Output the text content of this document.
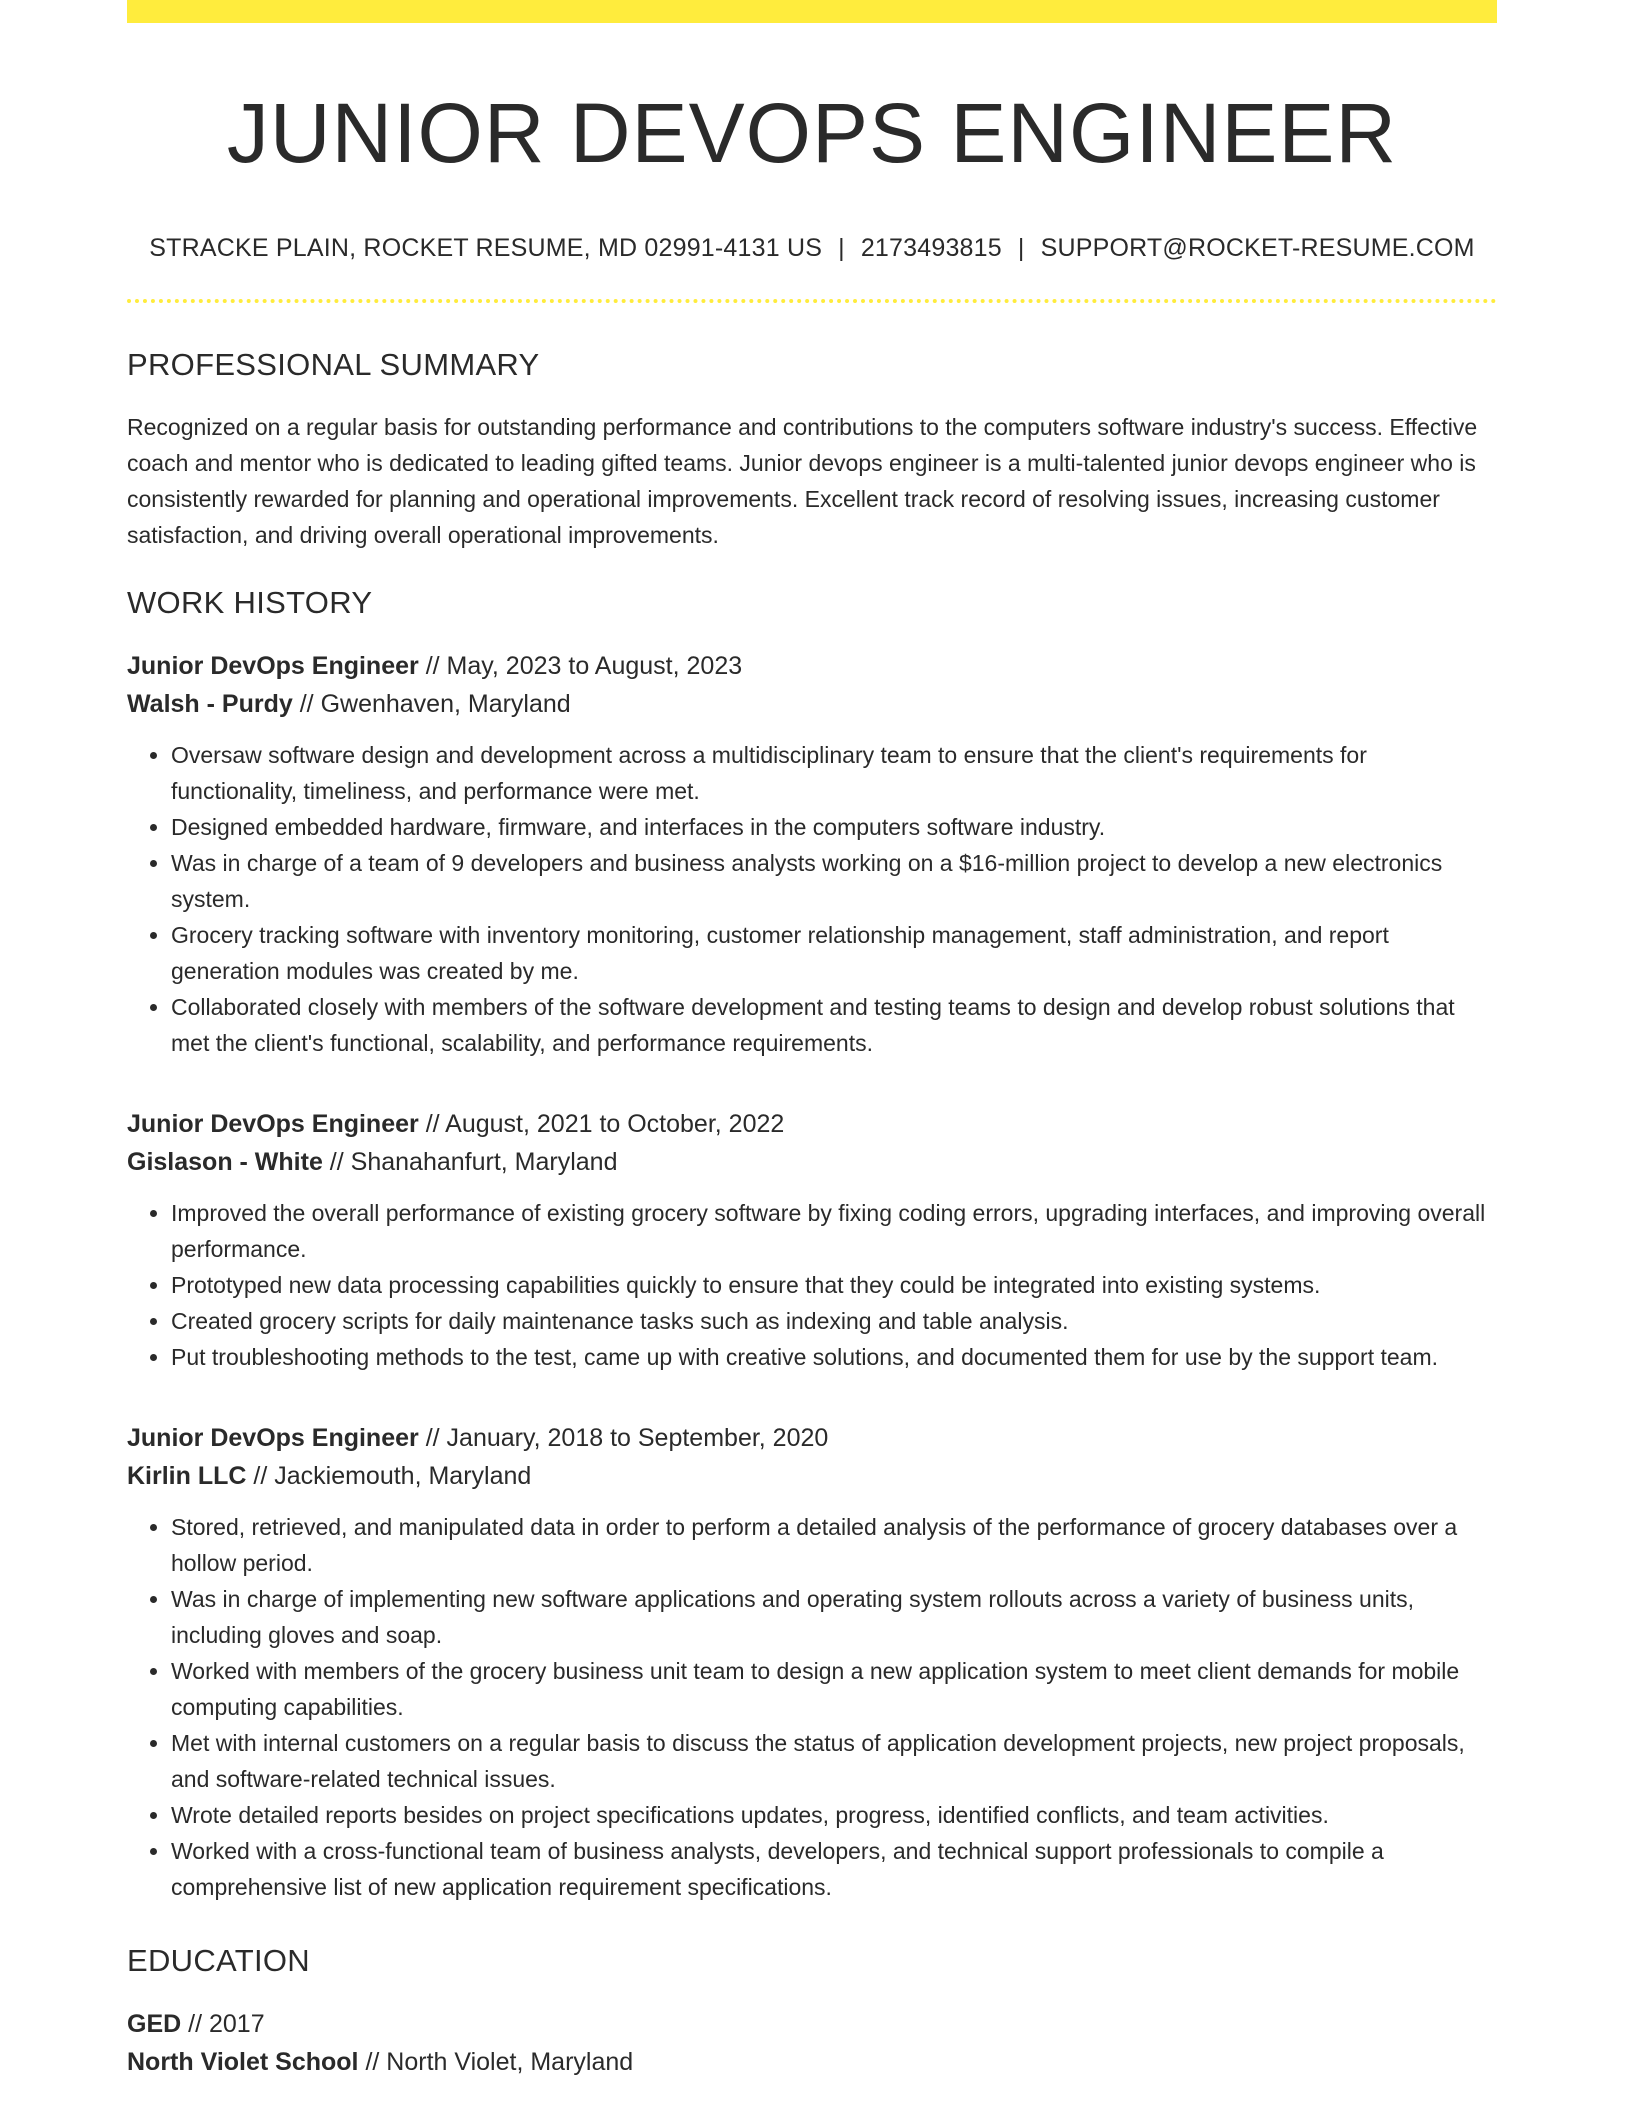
JUNIOR DEVOPS ENGINEER
STRACKE PLAIN, ROCKET RESUME, MD 02991-4131 US | 2173493815 | SUPPORT@ROCKET-RESUME.COM
PROFESSIONAL SUMMARY

Recognized on a regular basis for outstanding performance and contributions to the computers software industry's success. Effective coach and mentor who is dedicated to leading gifted teams. Junior devops engineer is a multi-talented junior devops engineer who is consistently rewarded for planning and operational improvements. Excellent track record of resolving issues, increasing customer satisfaction, and driving overall operational improvements.

WORK HISTORY
Junior DevOps Engineer // May, 2023 to August, 2023
Walsh - Purdy // Gwenhaven, Maryland
• Oversaw software design and development across a multidisciplinary team to ensure that the client's requirements for functionality, timeliness, and performance were met.
• Designed embedded hardware, firmware, and interfaces in the computers software industry.
• Was in charge of a team of 9 developers and business analysts working on a $16-million project to develop a new electronics system.
• Grocery tracking software with inventory monitoring, customer relationship management, staff administration, and report generation modules was created by me.
• Collaborated closely with members of the software development and testing teams to design and develop robust solutions that met the client's functional, scalability, and performance requirements.
Junior DevOps Engineer // August, 2021 to October, 2022
Gislason - White // Shanahanfurt, Maryland
• Improved the overall performance of existing grocery software by fixing coding errors, upgrading interfaces, and improving overall performance.
• Prototyped new data processing capabilities quickly to ensure that they could be integrated into existing systems.
• Created grocery scripts for daily maintenance tasks such as indexing and table analysis.
• Put troubleshooting methods to the test, came up with creative solutions, and documented them for use by the support team.
Junior DevOps Engineer // January, 2018 to September, 2020
Kirlin LLC // Jackiemouth, Maryland
• Stored, retrieved, and manipulated data in order to perform a detailed analysis of the performance of grocery databases over a hollow period.
• Was in charge of implementing new software applications and operating system rollouts across a variety of business units, including gloves and soap.
• Worked with members of the grocery business unit team to design a new application system to meet client demands for mobile computing capabilities.
• Met with internal customers on a regular basis to discuss the status of application development projects, new project proposals, and software-related technical issues.
• Wrote detailed reports besides on project specifications updates, progress, identified conflicts, and team activities.
• Worked with a cross-functional team of business analysts, developers, and technical support professionals to compile a comprehensive list of new application requirement specifications.
EDUCATION
GED // 2017
North Violet School // North Violet, Maryland
